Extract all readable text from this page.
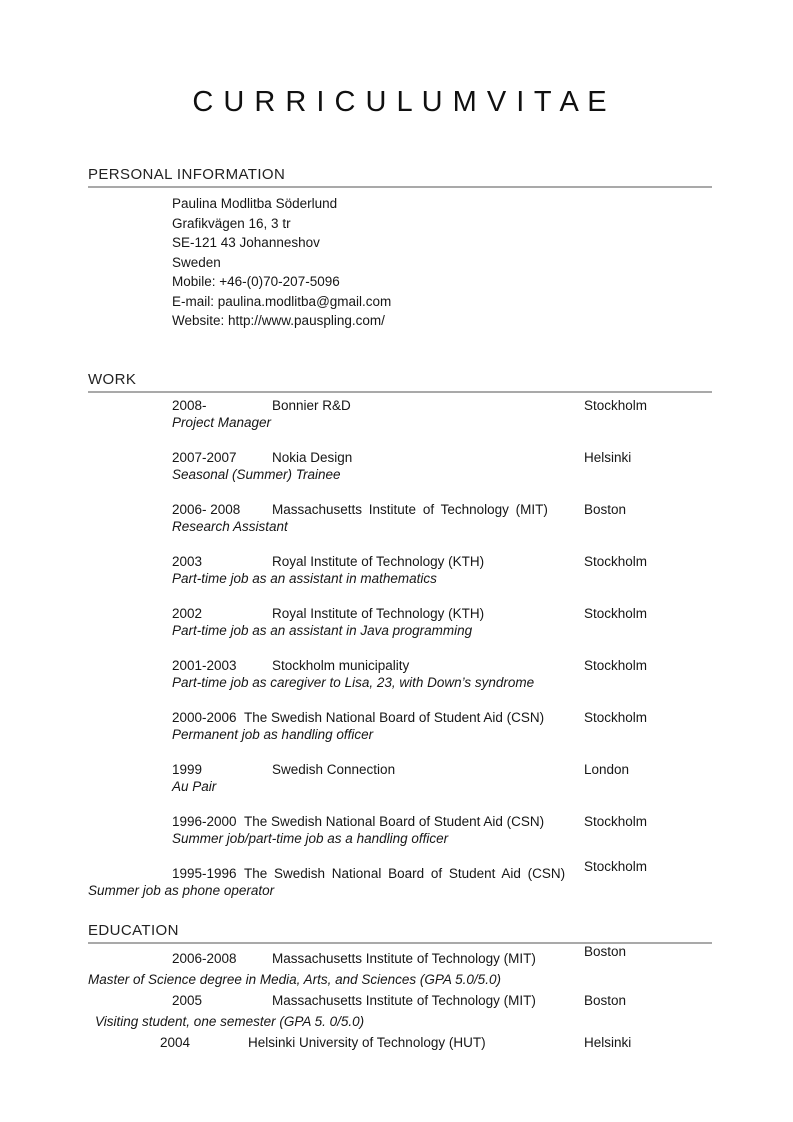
C U R R I C U L U M V I T A E
PERSONAL INFORMATION
Paulina Modlitba Söderlund
Grafikvägen 16, 3 tr
SE-121 43 Johanneshov
Sweden
Mobile: +46-(0)70-207-5096
E-mail: paulina.modlitba@gmail.com
Website: http://www.pauspling.com/
WORK
2008-	Bonnier R&D	Stockholm
Project Manager
2007-2007	Nokia Design	Helsinki
Seasonal (Summer) Trainee
2006- 2008	Massachusetts Institute of Technology (MIT)	Boston
Research Assistant
2003	Royal Institute of Technology (KTH)	Stockholm
Part-time job as an assistant in mathematics
2002	Royal Institute of Technology (KTH)	Stockholm
Part-time job as an assistant in Java programming
2001-2003	Stockholm municipality	Stockholm
Part-time job as caregiver to Lisa, 23, with Down’s syndrome
2000-2006 The Swedish National Board of Student Aid (CSN)	Stockholm
Permanent job as handling officer
1999	Swedish Connection	London
Au Pair
1996-2000 The Swedish National Board of Student Aid (CSN)	Stockholm
Summer job/part-time job as a handling officer
1995-1996 The Swedish National Board of Student Aid (CSN)	Stockholm
Summer job as phone operator
EDUCATION
2006-2008	Massachusetts Institute of Technology (MIT)	Boston
Master of Science degree in Media, Arts, and Sciences (GPA 5.0/5.0)
2005	Massachusetts Institute of Technology (MIT)	Boston
Visiting student, one semester (GPA 5. 0/5.0)
2004	Helsinki University of Technology (HUT)	Helsinki
